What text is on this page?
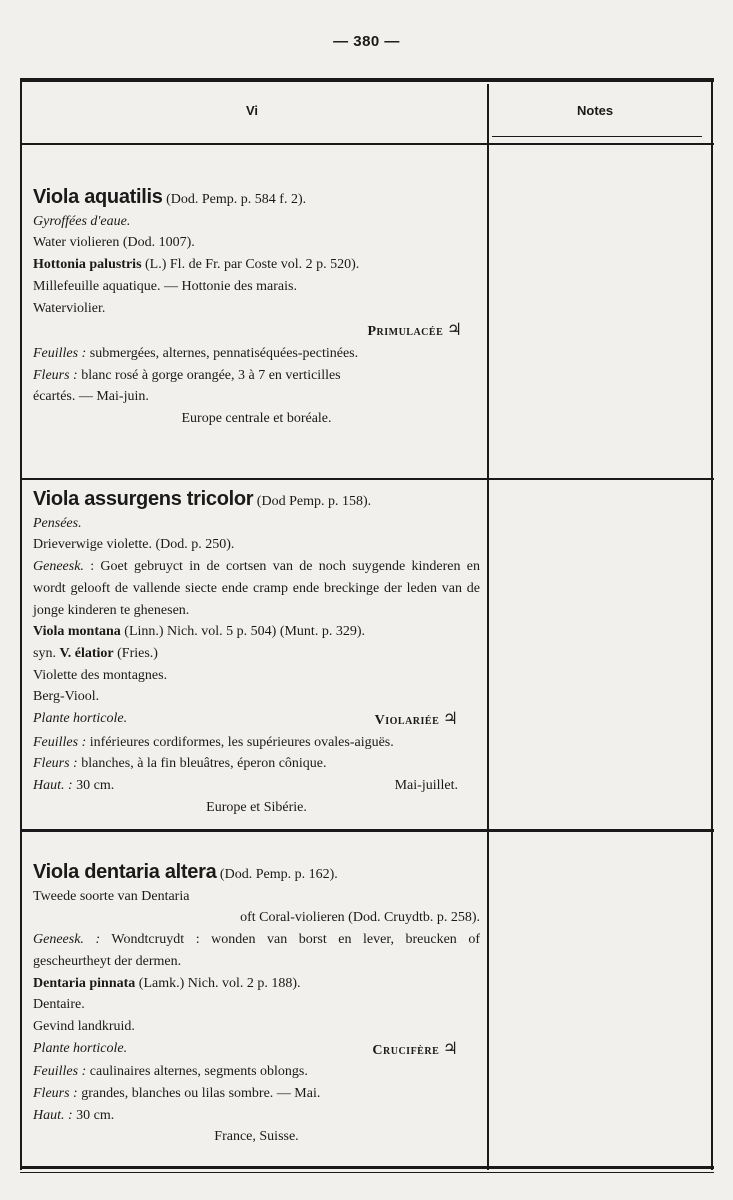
— 380 —
Vi	Notes
Viola aquatilis (Dod. Pemp. p. 584 f. 2).
Gyroffées d'eaue.
Water violieren (Dod. 1007).
Hottonia palustris (L.) Fl. de Fr. par Coste vol. 2 p. 520).
Millefeuille aquatique. — Hottonie des marais.
Waterviolier.
Primulacée ♃
Feuilles : submergées, alternes, pennatiséquées-pectinées.
Fleurs : blanc rosé à gorge orangée, 3 à 7 en verticilles
écartés. — Mai-juin.
Europe centrale et boréale.
Viola assurgens tricolor (Dod Pemp. p. 158).
Pensées.
Drieverwige violette. (Dod. p. 250).
Geneesk. : Goet gebruyct in de cortsen van de noch suygende kinderen en wordt gelooft de vallende siecte ende cramp ende breckinge der leden van de jonge kinderen te ghenesen.
Viola montana (Linn.) Nich. vol. 5 p. 504) (Munt. p. 329).
syn. V. élatior (Fries.)
Violette des montagnes.
Berg-Viool.
Plante horticole.	Violariée ♃
Feuilles : inférieures cordiformes, les supérieures ovales-aiguës.
Fleurs : blanches, à la fin bleuâtres, éperon cônique.
Haut. : 30 cm.	Mai-juillet.
Europe et Sibérie.
Viola dentaria altera (Dod. Pemp. p. 162).
Tweede soorte van Dentaria
oft Coral-violieren (Dod. Cruydtb. p. 258).
Geneesk. : Wondtcruydt : wonden van borst en lever, breucken of gescheurtheyt der dermen.
Dentaria pinnata (Lamk.) Nich. vol. 2 p. 188).
Dentaire.
Gevind landkruid.
Plante horticole.	Crucifère ♃
Feuilles : caulinaires alternes, segments oblongs.
Fleurs : grandes, blanches ou lilas sombre. — Mai.
Haut. : 30 cm.
France, Suisse.
